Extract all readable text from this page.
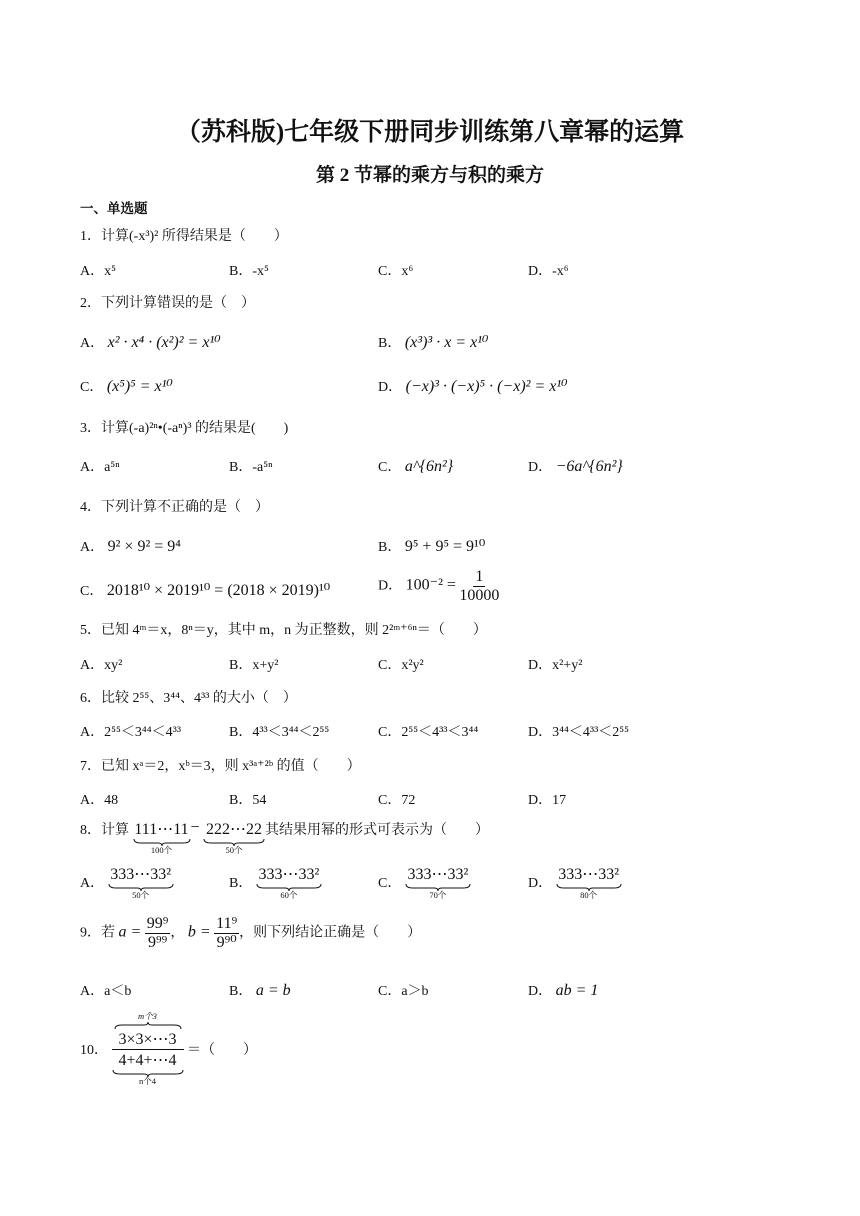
（苏科版)七年级下册同步训练第八章幂的运算
第 2 节幂的乘方与积的乘方
一、单选题
1．计算(-x³)² 所得结果是（　　）
A．x⁵	B．-x⁵	C．x⁶	D．-x⁶
2．下列计算错误的是（　）
A． x² · x⁴ · (x²)² = x¹⁰	B． (x³)³ · x = x¹⁰
C． (x⁵)⁵ = x¹⁰	D． (−x)³ · (−x)⁵ · (−x)² = x¹⁰
3．计算(-a)²ⁿ•(-aⁿ)³ 的结果是(　　)
A．a⁵ⁿ	B．-a⁵ⁿ	C． a^{6n²}	D． −6a^{6n²}
4．下列计算不正确的是（　）
A． 9² × 9² = 9⁴	B． 9⁵ + 9⁵ = 9¹⁰
C． 2018¹⁰ × 2019¹⁰ = (2018 × 2019)¹⁰	D． $100^{-2} = \frac{1}{10000}$
5．已知 4ᵐ＝x，8ⁿ＝y，其中 m，n 为正整数，则 2²ᵐ⁺⁶ⁿ＝（　　）
A．xy²	B．x+y²	C．x²y²	D．x²+y²
6．比较 2⁵⁵、3⁴⁴、4³³ 的大小（　）
A．2⁵⁵＜3⁴⁴＜4³³	B．4³³＜3⁴⁴＜2⁵⁵	C．2⁵⁵＜4³³＜3⁴⁴	D．3⁴⁴＜4³³＜2⁵⁵
7．已知 xᵃ＝2，xᵇ＝3，则 x³ᵃ⁺²ᵇ 的值（　　）
A．48	B．54	C．72	D．17
8．计算 111⋯11
100个
− 222⋯22
50个
其结果用幂的形式可表示为（　　）
A．
333⋯33²
50个
B．
333⋯33²
60个
C．
333⋯33²
70个
D．
333⋯33²
80个
9．若 $a = \frac{\text{99⁹}}{\text{9⁹⁹}}$ ， $b = \frac{\text{11⁹}}{\text{9⁹⁰}}$ ，则下列结论正确是（　　）
A．a＜b	B． a = b	C．a＞b	D． ab = 1
10． m个3
3×3×⋯3
4+4+⋯4
n个4 ＝（　　）
